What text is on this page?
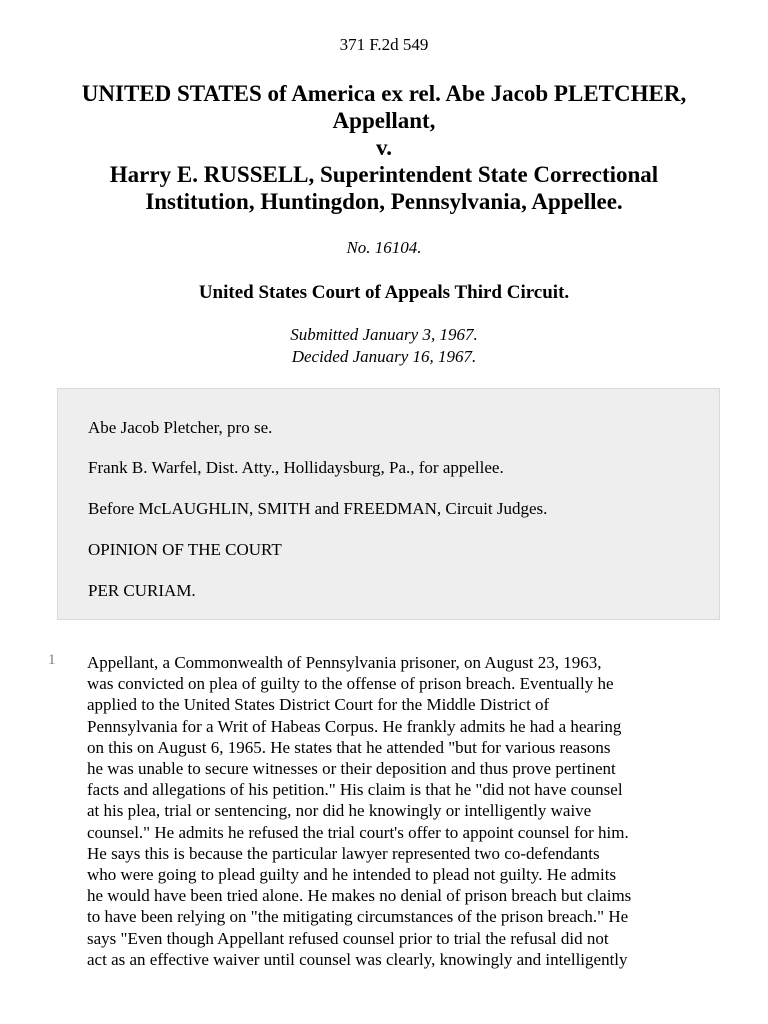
371 F.2d 549
UNITED STATES of America ex rel. Abe Jacob PLETCHER,
Appellant,
v.
Harry E. RUSSELL, Superintendent State Correctional
Institution, Huntingdon, Pennsylvania, Appellee.
No. 16104.
United States Court of Appeals Third Circuit.
Submitted January 3, 1967.
Decided January 16, 1967.
Abe Jacob Pletcher, pro se.
Frank B. Warfel, Dist. Atty., Hollidaysburg, Pa., for appellee.
Before McLAUGHLIN, SMITH and FREEDMAN, Circuit Judges.
OPINION OF THE COURT
PER CURIAM.
1 Appellant, a Commonwealth of Pennsylvania prisoner, on August 23, 1963,
was convicted on plea of guilty to the offense of prison breach. Eventually he
applied to the United States District Court for the Middle District of
Pennsylvania for a Writ of Habeas Corpus. He frankly admits he had a hearing
on this on August 6, 1965. He states that he attended "but for various reasons
he was unable to secure witnesses or their deposition and thus prove pertinent
facts and allegations of his petition." His claim is that he "did not have counsel
at his plea, trial or sentencing, nor did he knowingly or intelligently waive
counsel." He admits he refused the trial court's offer to appoint counsel for him.
He says this is because the particular lawyer represented two co-defendants
who were going to plead guilty and he intended to plead not guilty. He admits
he would have been tried alone. He makes no denial of prison breach but claims
to have been relying on "the mitigating circumstances of the prison breach." He
says "Even though Appellant refused counsel prior to trial the refusal did not
act as an effective waiver until counsel was clearly, knowingly and intelligently
